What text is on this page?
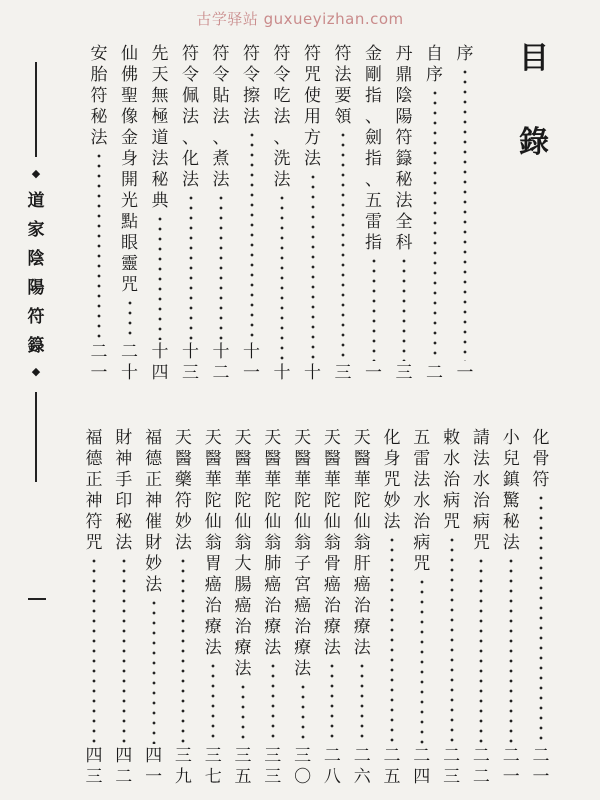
古学驿站 guxueyizhan.com
目
錄
◆
道
家
陰
陽
符
籙
◆
序
一
自
序
二
丹
鼎
陰
陽
符
籙
秘
法
全
科
三
金
剛
指
、
劍
指
、
五
雷
指
一
符
法
要
領
三
符
咒
使
用
方
法
十
符
令
吃
法
、
洗
法
十
符
令
擦
法
十
一
符
令
貼
法
、
煮
法
十
二
符
令
佩
法
、
化
法
十
三
先
天
無
極
道
法
秘
典
十
四
仙
佛
聖
像
金
身
開
光
點
眼
靈
咒
二
十
安
胎
符
秘
法
二
一
化
骨
符
二
一
小
兒
鎮
驚
秘
法
二
一
請
法
水
治
病
咒
二
二
敕
水
治
病
咒
二
三
五
雷
法
水
治
病
咒
二
四
化
身
咒
妙
法
二
五
天
醫
華
陀
仙
翁
肝
癌
治
療
法
二
六
天
醫
華
陀
仙
翁
骨
癌
治
療
法
二
八
天
醫
華
陀
仙
翁
子
宮
癌
治
療
法
三
〇
天
醫
華
陀
仙
翁
肺
癌
治
療
法
三
三
天
醫
華
陀
仙
翁
大
腸
癌
治
療
法
三
五
天
醫
華
陀
仙
翁
胃
癌
治
療
法
三
七
天
醫
藥
符
妙
法
三
九
福
德
正
神
催
財
妙
法
四
一
財
神
手
印
秘
法
四
二
福
德
正
神
符
咒
四
三
